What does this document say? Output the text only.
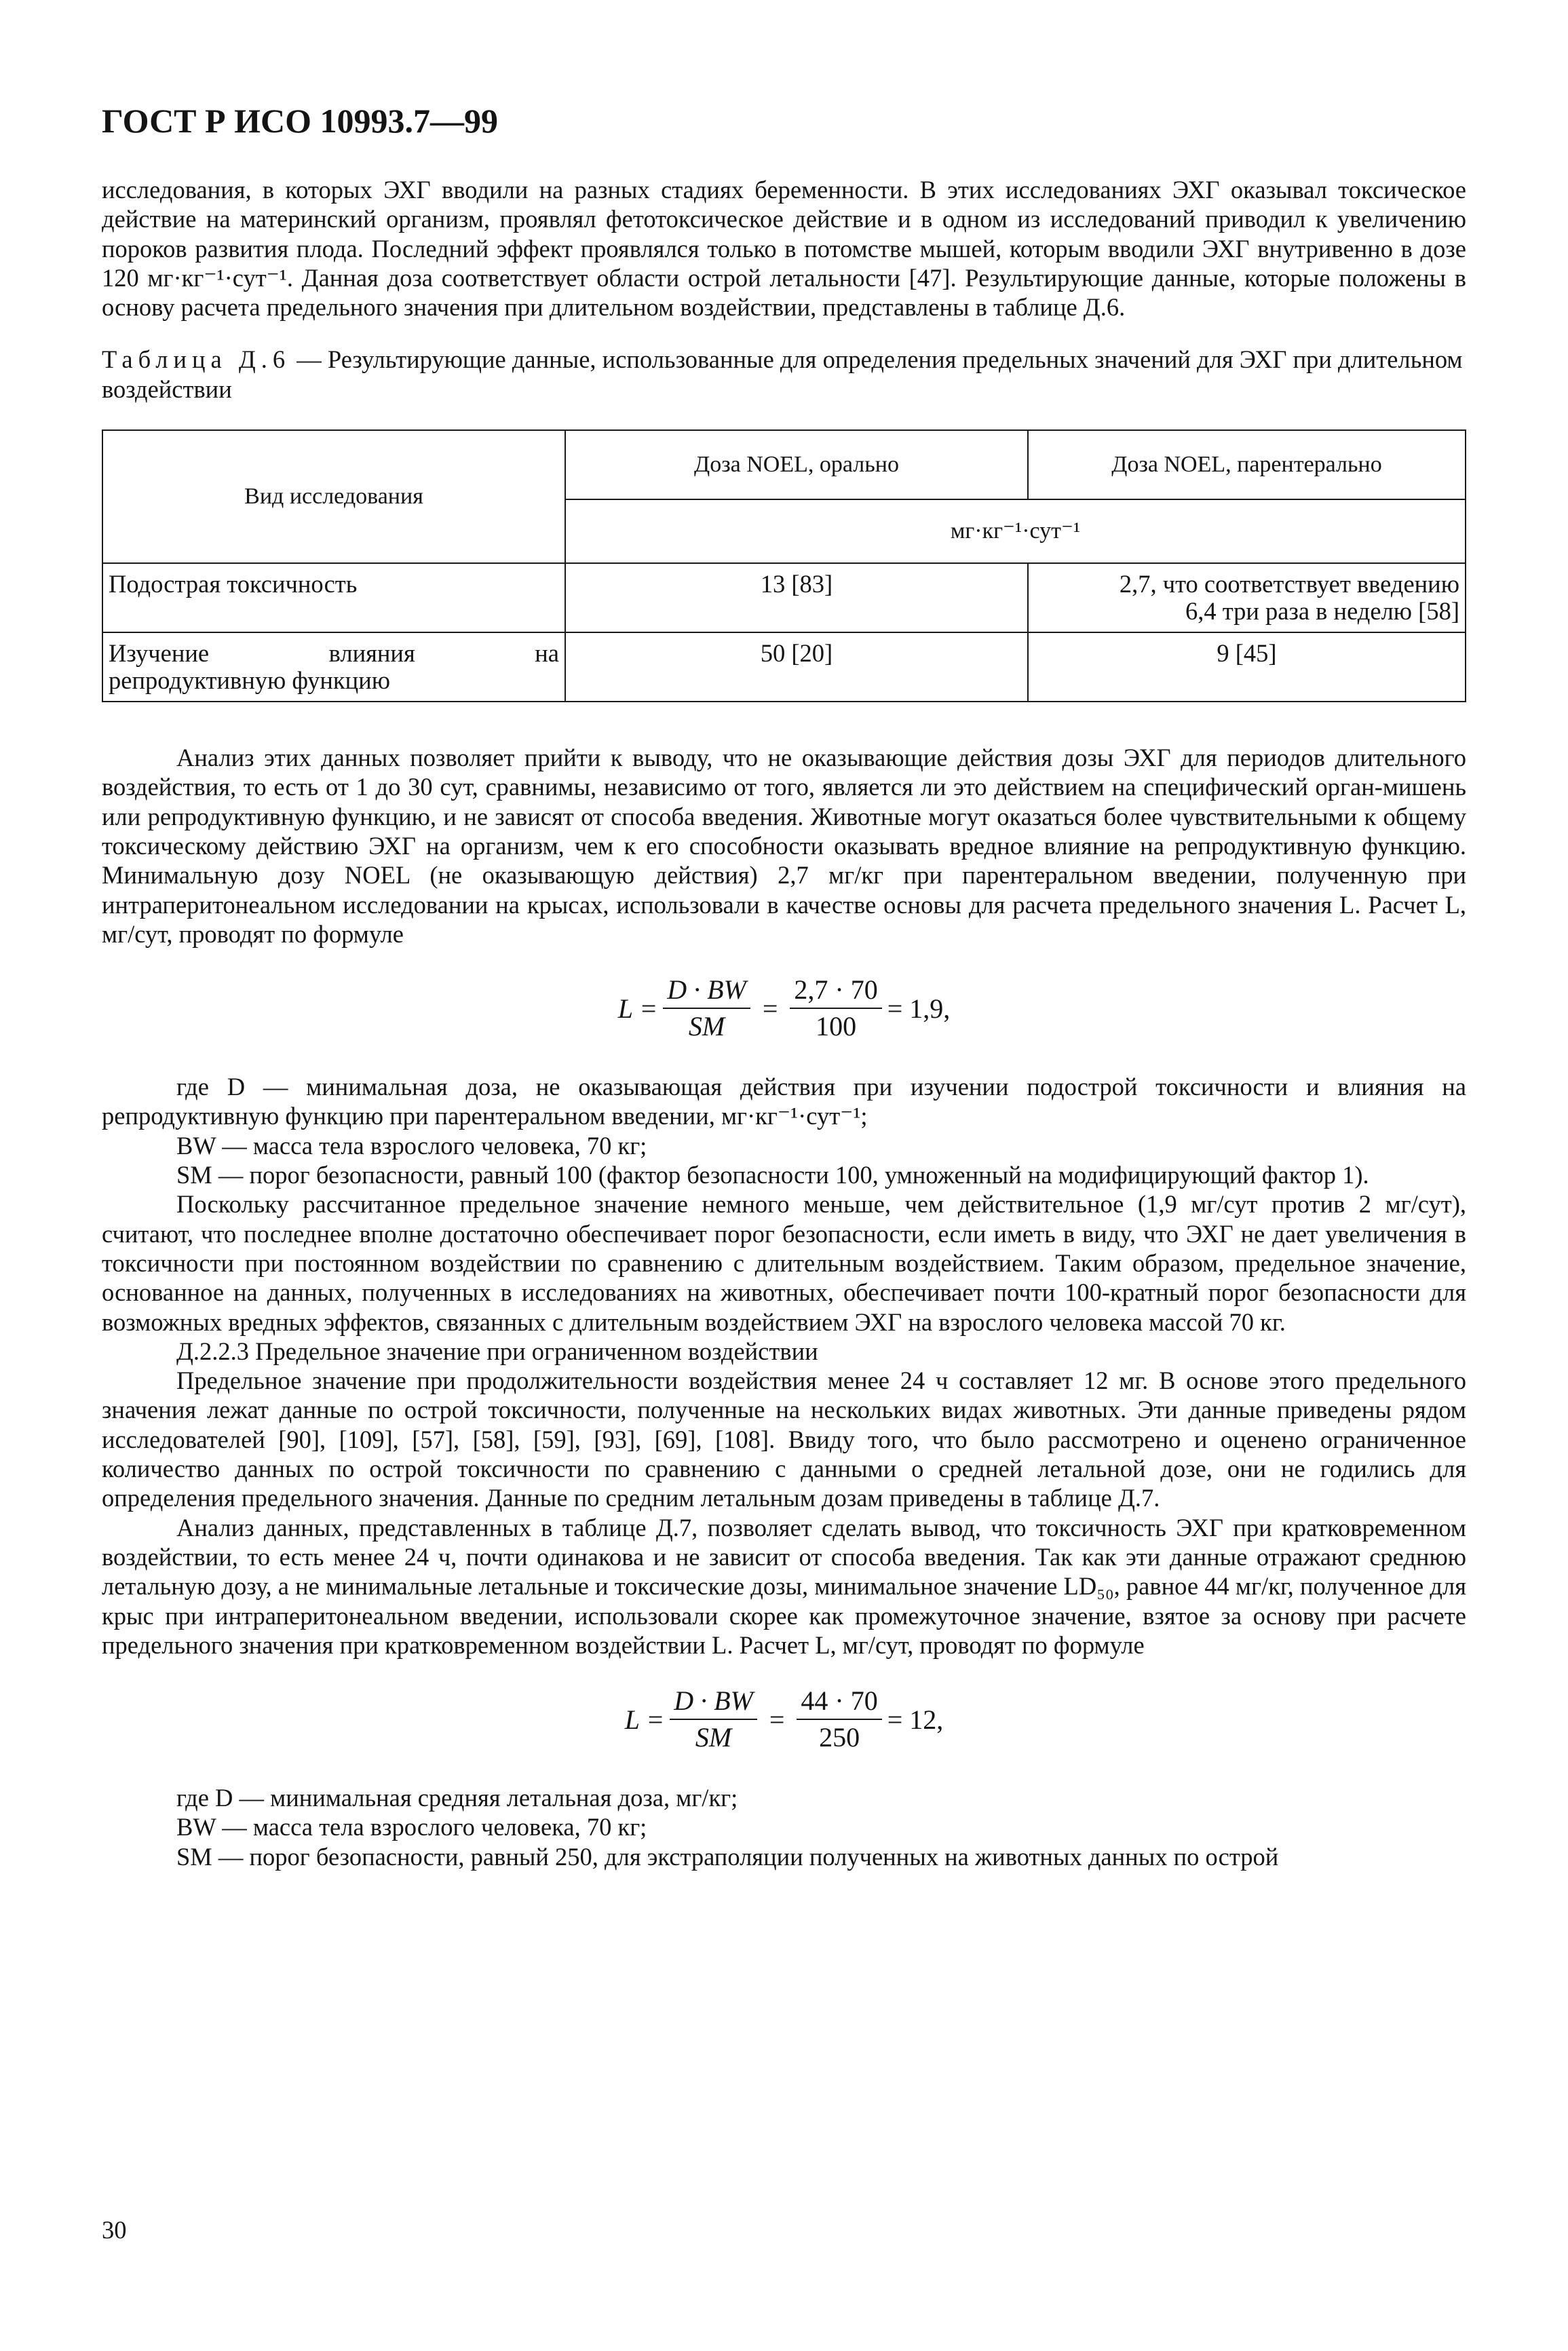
ГОСТ Р ИСО 10993.7—99

исследования, в которых ЭХГ вводили на разных стадиях беременности. В этих исследованиях ЭХГ оказывал токсическое действие на материнский организм, проявлял фетотоксическое действие и в одном из исследований приводил к увеличению пороков развития плода. Последний эффект проявлялся только в потомстве мышей, которым вводили ЭХГ внутривенно в дозе 120 мг·кг⁻¹·сут⁻¹. Данная доза соответствует области острой летальности [47]. Результирующие данные, которые положены в основу расчета предельного значения при длительном воздействии, представлены в таблице Д.6.

Таблица Д.6 — Результирующие данные, использованные для определения предельных значений для ЭХГ при длительном воздействии

Вид исследования	Доза NOEL, орально	Доза NOEL, парентерально
	мг·кг⁻¹·сут⁻¹	
Подострая токсичность	13 [83]	2,7, что соответствует введению
6,4 три раза в неделю [58]

Изучение влияния на
репродуктивную функцию	50 [20]	9 [45]

Анализ этих данных позволяет прийти к выводу, что не оказывающие действия дозы ЭХГ для периодов длительного воздействия, то есть от 1 до 30 сут, сравнимы, независимо от того, является ли это действием на специфический орган-мишень или репродуктивную функцию, и не зависят от способа введения. Животные могут оказаться более чувствительными к общему токсическому действию ЭХГ на организм, чем к его способности оказывать вредное влияние на репродуктивную функцию. Минимальную дозу NOEL (не оказывающую действия) 2,7 мг/кг при парентеральном введении, полученную при интраперитонеальном исследовании на крысах, использовали в качестве основы для расчета предельного значения L. Расчет L, мг/сут, проводят по формуле

$L = \frac{D \cdot BW}{SM} = \frac{2,7 \cdot 70}{100} = 1,9$,

где D — минимальная доза, не оказывающая действия при изучении подострой токсичности и влияния на репродуктивную функцию при парентеральном введении, мг·кг⁻¹·сут⁻¹;

BW — масса тела взрослого человека, 70 кг;

SM — порог безопасности, равный 100 (фактор безопасности 100, умноженный на модифицирующий фактор 1).

Поскольку рассчитанное предельное значение немного меньше, чем действительное (1,9 мг/сут против 2 мг/сут), считают, что последнее вполне достаточно обеспечивает порог безопасности, если иметь в виду, что ЭХГ не дает увеличения в токсичности при постоянном воздействии по сравнению с длительным воздействием. Таким образом, предельное значение, основанное на данных, полученных в исследованиях на животных, обеспечивает почти 100-кратный порог безопасности для возможных вредных эффектов, связанных с длительным воздействием ЭХГ на взрослого человека массой 70 кг.

Д.2.2.3 Предельное значение при ограниченном воздействии

Предельное значение при продолжительности воздействия менее 24 ч составляет 12 мг. В основе этого предельного значения лежат данные по острой токсичности, полученные на нескольких видах животных. Эти данные приведены рядом исследователей [90], [109], [57], [58], [59], [93], [69], [108]. Ввиду того, что было рассмотрено и оценено ограниченное количество данных по острой токсичности по сравнению с данными о средней летальной дозе, они не годились для определения предельного значения. Данные по средним летальным дозам приведены в таблице Д.7.

Анализ данных, представленных в таблице Д.7, позволяет сделать вывод, что токсичность ЭХГ при кратковременном воздействии, то есть менее 24 ч, почти одинакова и не зависит от способа введения. Так как эти данные отражают среднюю летальную дозу, а не минимальные летальные и токсические дозы, минимальное значение LD₅₀, равное 44 мг/кг, полученное для крыс при интраперитонеальном введении, использовали скорее как промежуточное значение, взятое за основу при расчете предельного значения при кратковременном воздействии L. Расчет L, мг/сут, проводят по формуле

$L = \frac{D \cdot BW}{SM} = \frac{44 \cdot 70}{250} = 12$,

где D — минимальная средняя летальная доза, мг/кг;

BW — масса тела взрослого человека, 70 кг;

SM — порог безопасности, равный 250, для экстраполяции полученных на животных данных по острой

30
